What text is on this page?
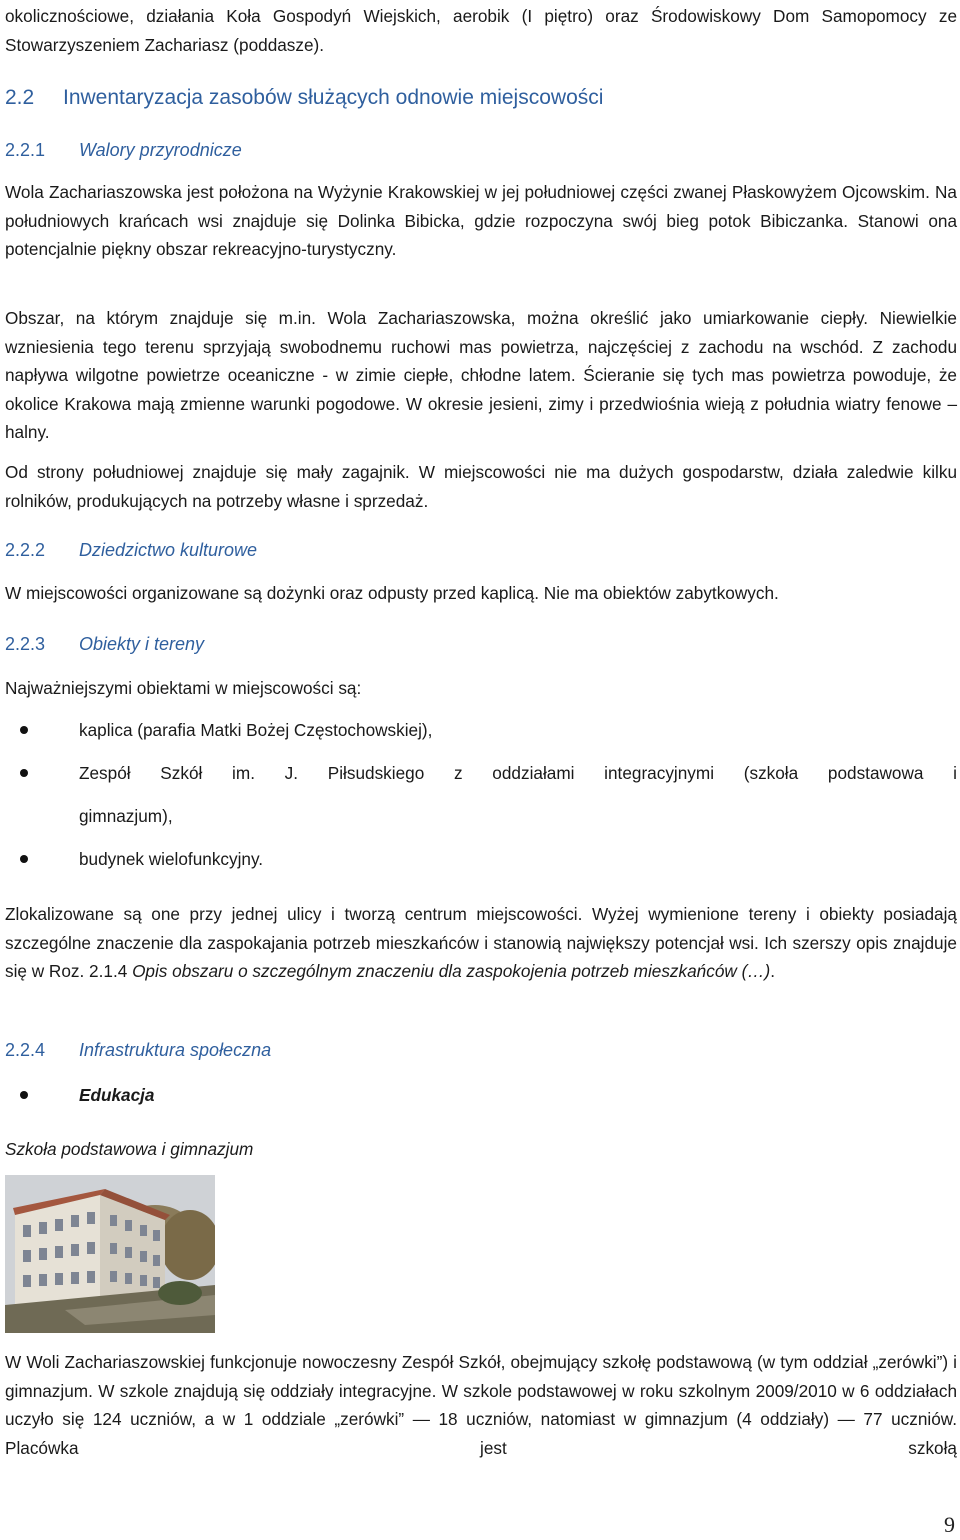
okolicznościowe, działania Koła Gospodyń Wiejskich, aerobik (I piętro) oraz Środowiskowy Dom Samopomocy ze Stowarzyszeniem Zachariasz (poddasze).

2.2 Inwentaryzacja zasobów służących odnowie miejscowości
2.2.1 Walory przyrodnicze

Wola Zachariaszowska jest położona na Wyżynie Krakowskiej w jej południowej części zwanej Płaskowyżem Ojcowskim. Na południowych krańcach wsi znajduje się Dolinka Bibicka, gdzie rozpoczyna swój bieg potok Bibiczanka. Stanowi ona potencjalnie piękny obszar rekreacyjno-turystyczny.

Obszar, na którym znajduje się m.in. Wola Zachariaszowska, można określić jako umiarkowanie ciepły. Niewielkie wzniesienia tego terenu sprzyjają swobodnemu ruchowi mas powietrza, najczęściej z zachodu na wschód. Z zachodu napływa wilgotne powietrze oceaniczne - w zimie ciepłe, chłodne latem. Ścieranie się tych mas powietrza powoduje, że okolice Krakowa mają zmienne warunki pogodowe. W okresie jesieni, zimy i przedwiośnia wieją z południa wiatry fenowe – halny.

Od strony południowej znajduje się mały zagajnik. W miejscowości nie ma dużych gospodarstw, działa zaledwie kilku rolników, produkujących na potrzeby własne i sprzedaż.

2.2.2 Dziedzictwo kulturowe

W miejscowości organizowane są dożynki oraz odpusty przed kaplicą. Nie ma obiektów zabytkowych.

2.2.3 Obiekty i tereny

Najważniejszymi obiektami w miejscowości są:

kaplica (parafia Matki Bożej Częstochowskiej),
Zespół Szkół im. J. Piłsudskiego z oddziałami integracyjnymi (szkoła podstawowa i
gimnazjum),
budynek wielofunkcyjny.

Zlokalizowane są one przy jednej ulicy i tworzą centrum miejscowości. Wyżej wymienione tereny i obiekty posiadają szczególne znaczenie dla zaspokajania potrzeb mieszkańców i stanowią największy potencjał wsi. Ich szerszy opis znajduje się w Roz. 2.1.4 Opis obszaru o szczególnym znaczeniu dla zaspokojenia potrzeb mieszkańców (…).

2.2.4 Infrastruktura społeczna
Edukacja

Szkoła podstawowa i gimnazjum

W Woli Zachariaszowskiej funkcjonuje nowoczesny Zespół Szkół, obejmujący szkołę podstawową (w tym oddział „zerówki”) i gimnazjum. W szkole znajdują się oddziały integracyjne. W szkole podstawowej w roku szkolnym 2009/2010 w 6 oddziałach uczyło się 124 uczniów, a w 1 oddziale „zerówki” — 18 uczniów, natomiast w gimnazjum (4 oddziały) — 77 uczniów. Placówka jest szkołą

9
